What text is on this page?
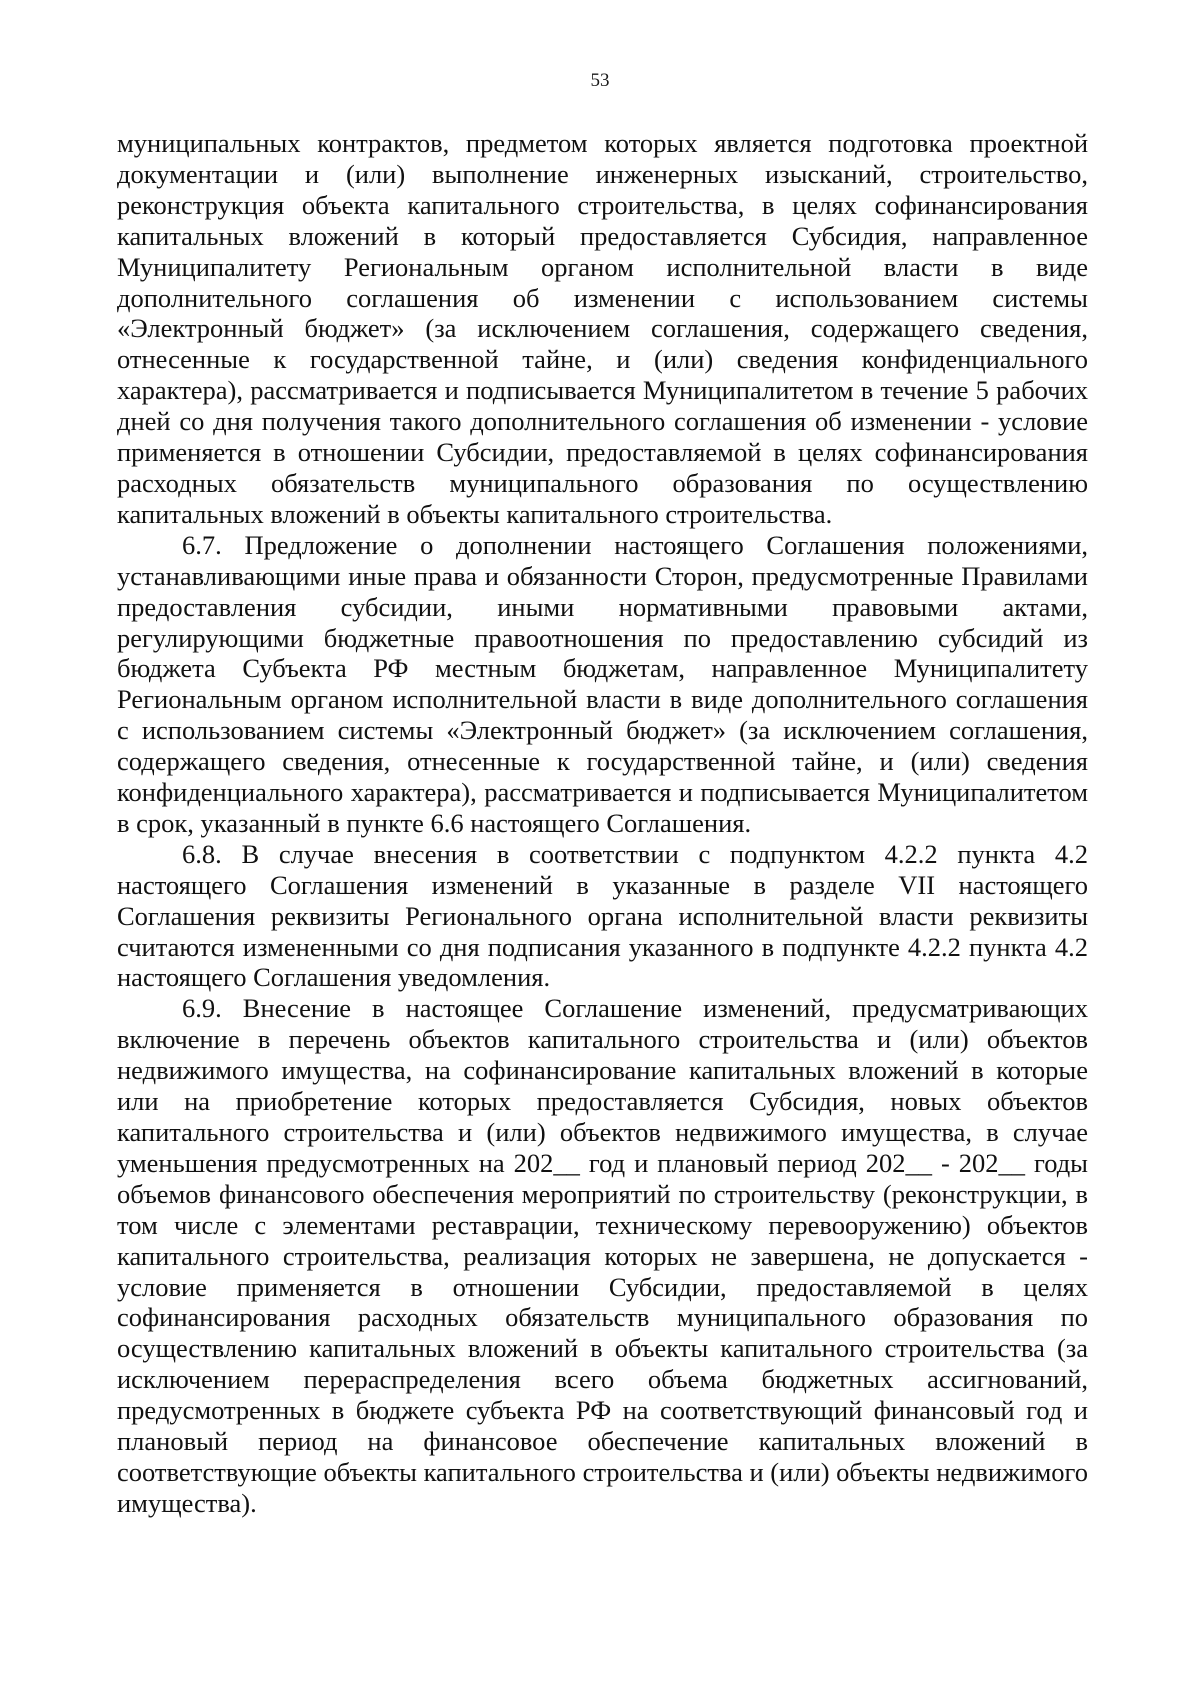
53

муниципальных контрактов, предметом которых является подготовка проектной документации и (или) выполнение инженерных изысканий, строительство, реконструкция объекта капитального строительства, в целях софинансирования капитальных вложений в который предоставляется Субсидия, направленное Муниципалитету Региональным органом исполнительной власти в виде дополнительного соглашения об изменении с использованием системы «Электронный бюджет» (за исключением соглашения, содержащего сведения, отнесенные к государственной тайне, и (или) сведения конфиденциального характера), рассматривается и подписывается Муниципалитетом в течение 5 рабочих дней со дня получения такого дополнительного соглашения об изменении - условие применяется в отношении Субсидии, предоставляемой в целях софинансирования расходных обязательств муниципального образования по осуществлению капитальных вложений в объекты капитального строительства.

6.7. Предложение о дополнении настоящего Соглашения положениями, устанавливающими иные права и обязанности Сторон, предусмотренные Правилами предоставления субсидии, иными нормативными правовыми актами, регулирующими бюджетные правоотношения по предоставлению субсидий из бюджета Субъекта РФ местным бюджетам, направленное Муниципалитету Региональным органом исполнительной власти в виде дополнительного соглашения с использованием системы «Электронный бюджет» (за исключением соглашения, содержащего сведения, отнесенные к государственной тайне, и (или) сведения конфиденциального характера), рассматривается и подписывается Муниципалитетом в срок, указанный в пункте 6.6 настоящего Соглашения.

6.8. В случае внесения в соответствии с подпунктом 4.2.2 пункта 4.2 настоящего Соглашения изменений в указанные в разделе VII настоящего Соглашения реквизиты Регионального органа исполнительной власти реквизиты считаются измененными со дня подписания указанного в подпункте 4.2.2 пункта 4.2 настоящего Соглашения уведомления.

6.9. Внесение в настоящее Соглашение изменений, предусматривающих включение в перечень объектов капитального строительства и (или) объектов недвижимого имущества, на софинансирование капитальных вложений в которые или на приобретение которых предоставляется Субсидия, новых объектов капитального строительства и (или) объектов недвижимого имущества, в случае уменьшения предусмотренных на 202__ год и плановый период 202__ - 202__ годы объемов финансового обеспечения мероприятий по строительству (реконструкции, в том числе с элементами реставрации, техническому перевооружению) объектов капитального строительства, реализация которых не завершена, не допускается - условие применяется в отношении Субсидии, предоставляемой в целях софинансирования расходных обязательств муниципального образования по осуществлению капитальных вложений в объекты капитального строительства (за исключением перераспределения всего объема бюджетных ассигнований, предусмотренных в бюджете субъекта РФ на соответствующий финансовый год и плановый период на финансовое обеспечение капитальных вложений в соответствующие объекты капитального строительства и (или) объекты недвижимого имущества).
